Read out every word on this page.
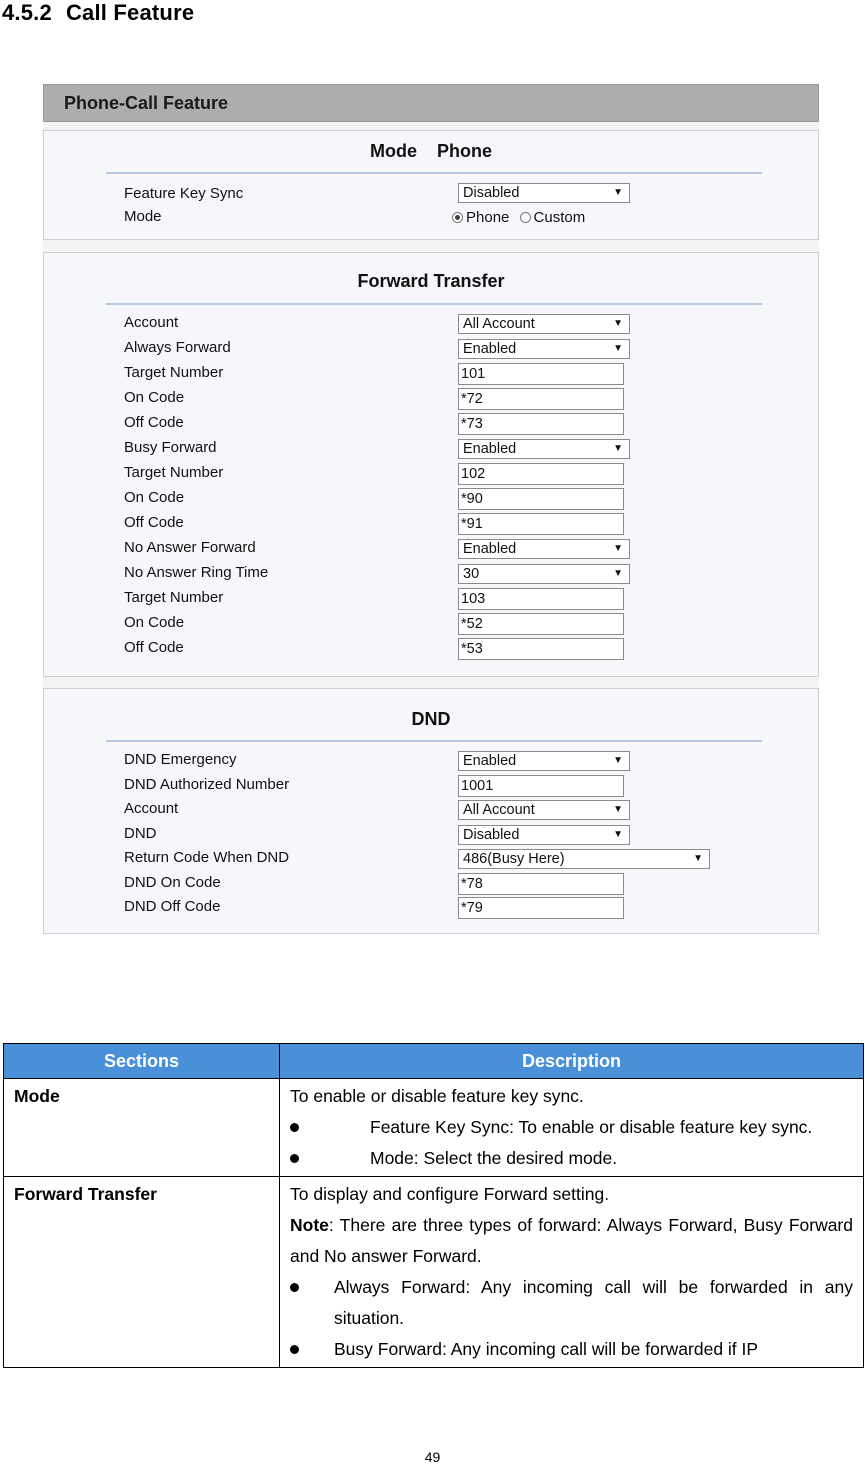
4.5.2 Call Feature
Phone-Call Feature
Mode    Phone
Feature Key Sync	Disabled	▼
Mode	Phone Custom
Forward Transfer
Account	All Account	▼
Always Forward	Enabled	▼
Target Number	101
On Code	*72
Off Code	*73
Busy Forward	Enabled	▼
Target Number	102
On Code	*90
Off Code	*91
No Answer Forward	Enabled	▼
No Answer Ring Time	30	▼
Target Number	103
On Code	*52
Off Code	*53
DND
DND Emergency	Enabled	▼
DND Authorized Number	1001
Account	All Account	▼
DND	Disabled	▼
Return Code When DND	486(Busy Here)	▼
DND On Code	*78
DND Off Code	*79
Sections	Description
Mode	To enable or disable feature key sync.
Feature Key Sync: To enable or disable feature key sync.
Mode: Select the desired mode.

Forward Transfer	To display and configure Forward setting.
Note: There are three types of forward: Always Forward, Busy Forward and No answer Forward.
Always Forward: Any incoming call will be forwarded in any situation.
Busy Forward: Any incoming call will be forwarded if IP
49
